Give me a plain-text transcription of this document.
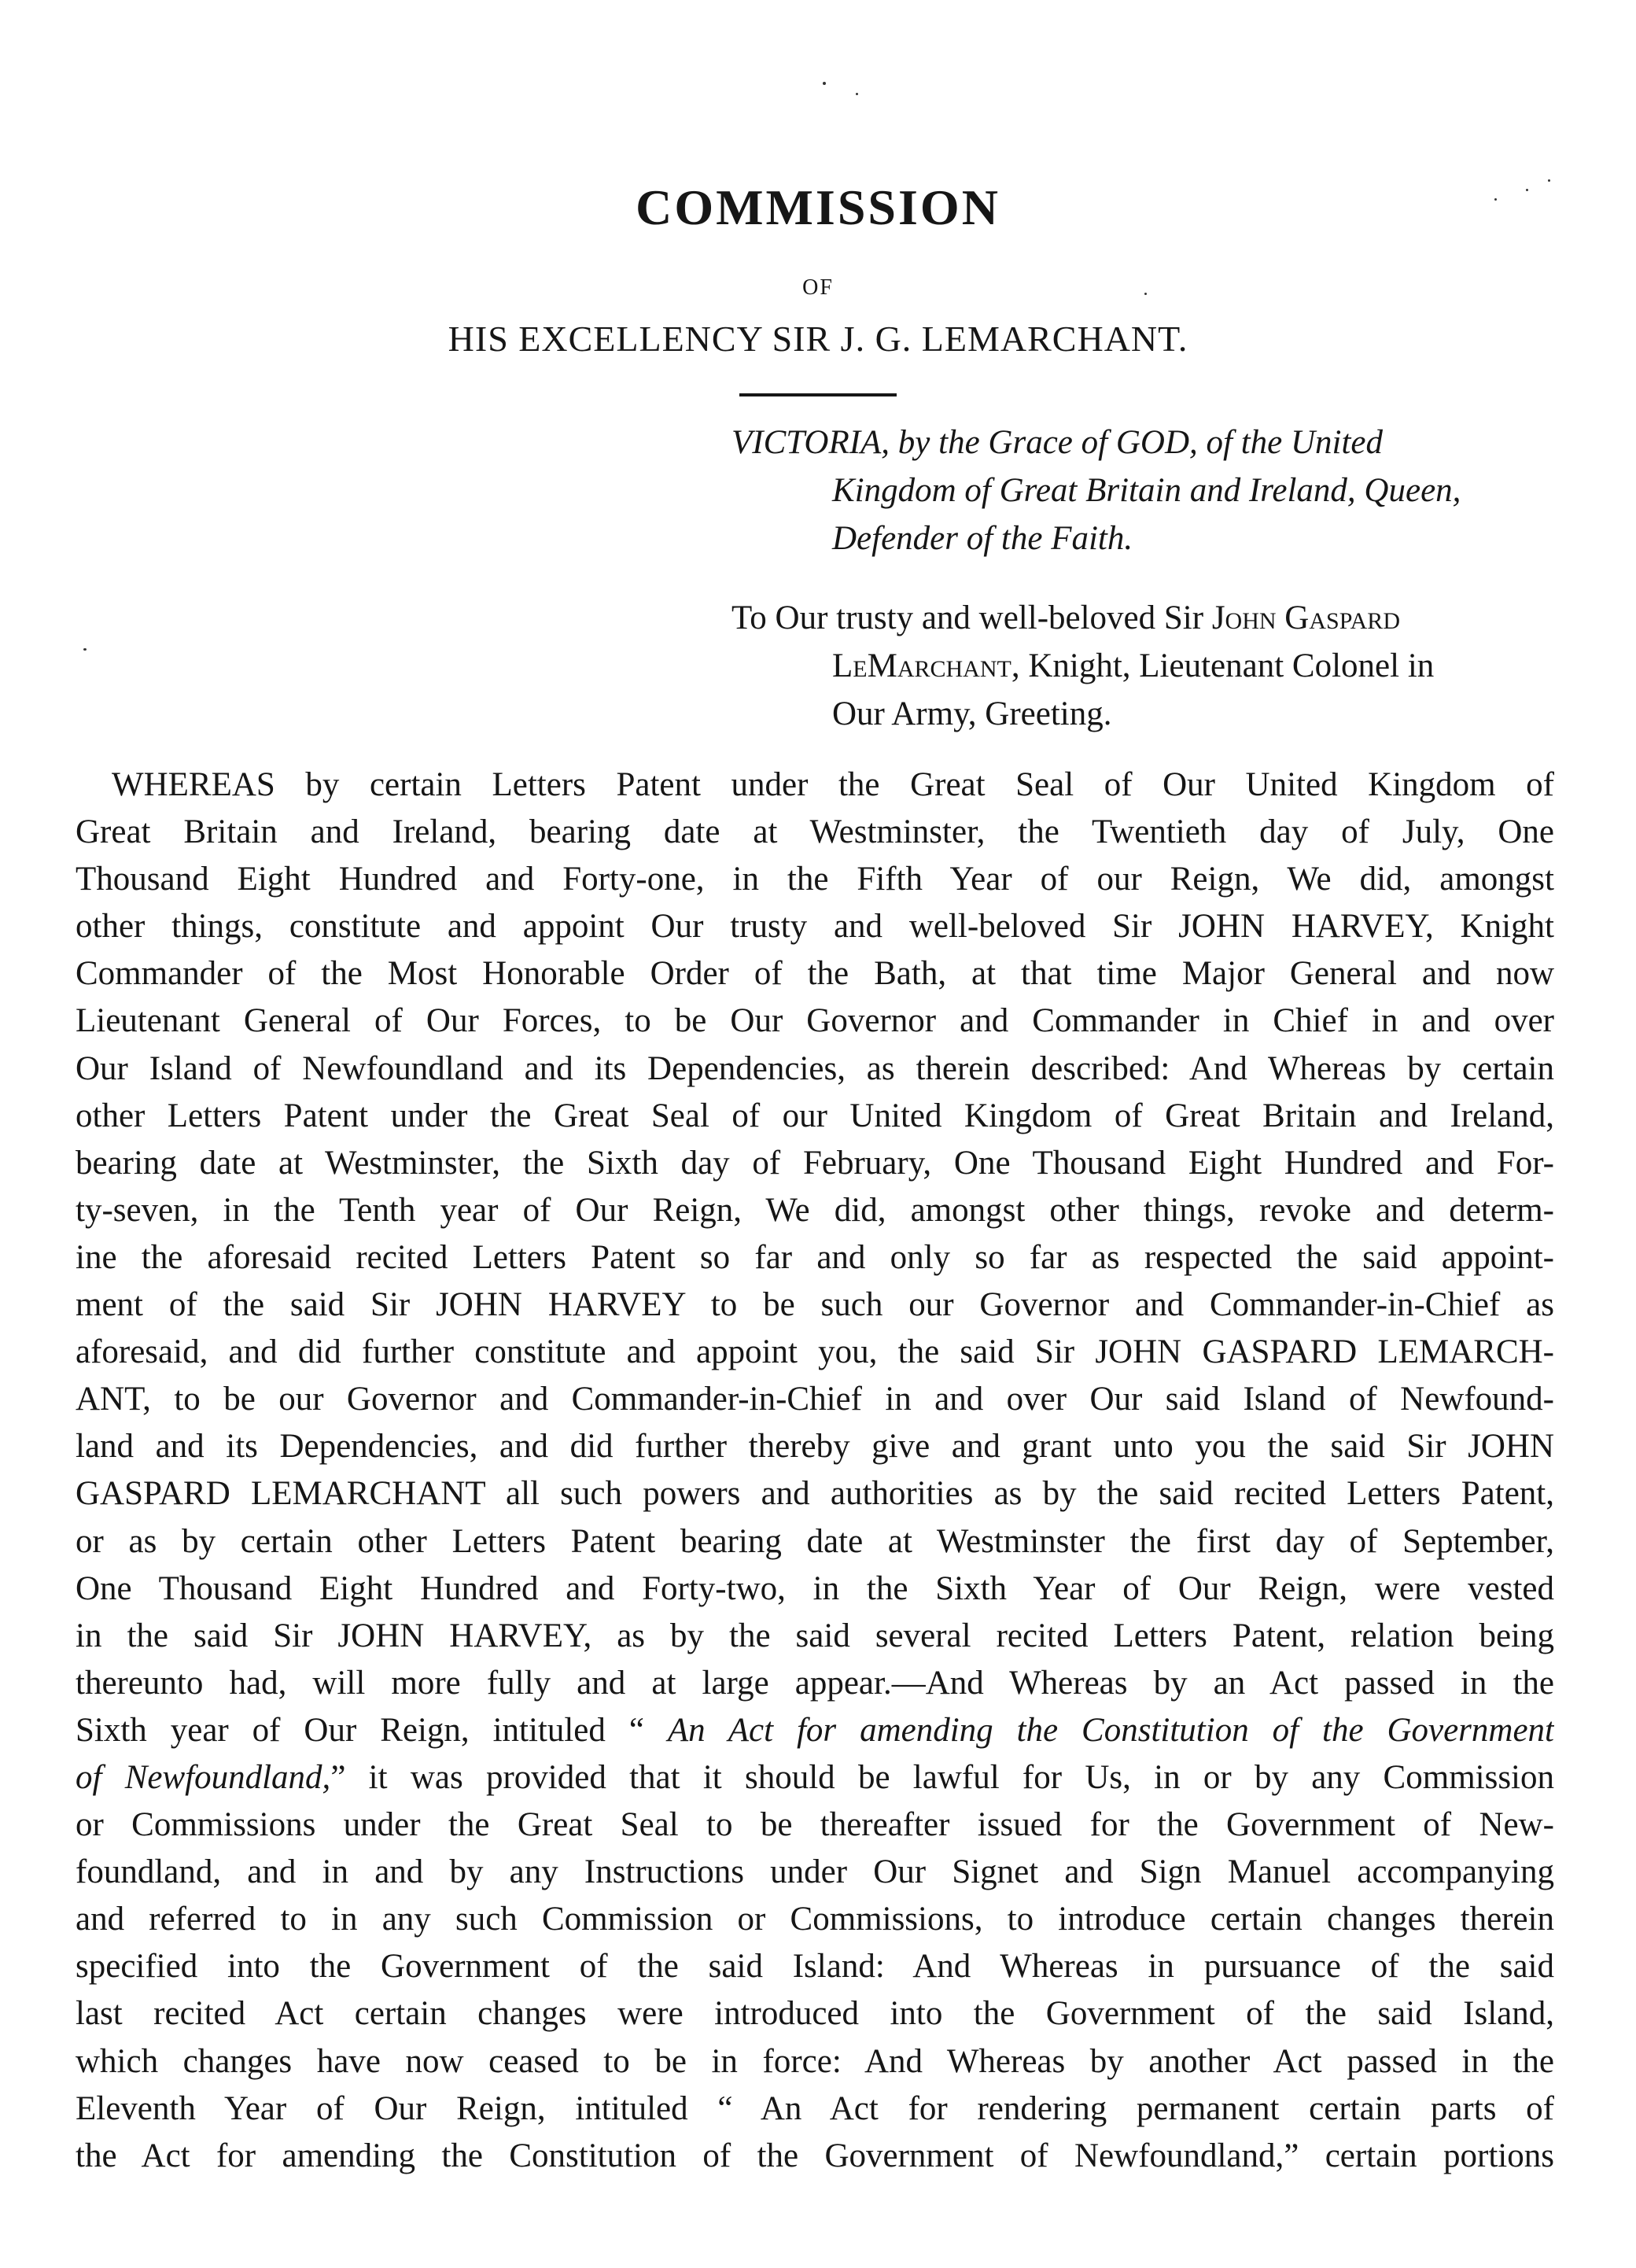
COMMISSION
OF
HIS EXCELLENCY SIR J. G. LEMARCHANT.
VICTORIA, by the Grace of GOD, of the United
Kingdom of Great Britain and Ireland, Queen,
Defender of the Faith.
To Our trusty and well-beloved Sir John Gaspard
LeMarchant, Knight, Lieutenant Colonel in
Our Army, Greeting.
WHEREAS by certain Letters Patent under the Great Seal of Our United Kingdom of
Great Britain and Ireland, bearing date at Westminster, the Twentieth day of July, One
Thousand Eight Hundred and Forty-one, in the Fifth Year of our Reign, We did, amongst
other things, constitute and appoint Our trusty and well-beloved Sir JOHN HARVEY, Knight
Commander of the Most Honorable Order of the Bath, at that time Major General and now
Lieutenant General of Our Forces, to be Our Governor and Commander in Chief in and over
Our Island of Newfoundland and its Dependencies, as therein described: And Whereas by certain
other Letters Patent under the Great Seal of our United Kingdom of Great Britain and Ireland,
bearing date at Westminster, the Sixth day of February, One Thousand Eight Hundred and For-
ty-seven, in the Tenth year of Our Reign, We did, amongst other things, revoke and determ-
ine the aforesaid recited Letters Patent so far and only so far as respected the said appoint-
ment of the said Sir JOHN HARVEY to be such our Governor and Commander-in-Chief as
aforesaid, and did further constitute and appoint you, the said Sir JOHN GASPARD LEMARCH-
ANT, to be our Governor and Commander-in-Chief in and over Our said Island of Newfound-
land and its Dependencies, and did further thereby give and grant unto you the said Sir JOHN
GASPARD LEMARCHANT all such powers and authorities as by the said recited Letters Patent,
or as by certain other Letters Patent bearing date at Westminster the first day of September,
One Thousand Eight Hundred and Forty-two, in the Sixth Year of Our Reign, were vested
in the said Sir JOHN HARVEY, as by the said several recited Letters Patent, relation being
thereunto had, will more fully and at large appear.—And Whereas by an Act passed in the
Sixth year of Our Reign, intituled “ An Act for amending the Constitution of the Government
of Newfoundland,” it was provided that it should be lawful for Us, in or by any Commission
or Commissions under the Great Seal to be thereafter issued for the Government of New-
foundland, and in and by any Instructions under Our Signet and Sign Manuel accompanying
and referred to in any such Commission or Commissions, to introduce certain changes therein
specified into the Government of the said Island: And Whereas in pursuance of the said
last recited Act certain changes were introduced into the Government of the said Island,
which changes have now ceased to be in force: And Whereas by another Act passed in the
Eleventh Year of Our Reign, intituled “ An Act for rendering permanent certain parts of
the Act for amending the Constitution of the Government of Newfoundland,” certain portions
